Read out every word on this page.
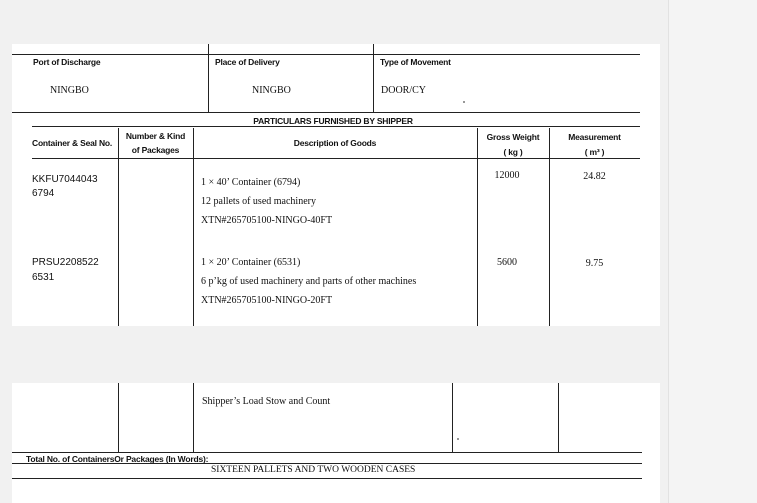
Port of Discharge
NINGBO
Place of Delivery
NINGBO
Type of Movement
DOOR/CY
PARTICULARS FURNISHED BY SHIPPER
Container & Seal No.
Number & Kind
of Packages
Description of Goods
Gross Weight
( kg )
Measurement
( m³ )
KKFU7044043
6794
1 × 40’ Container (6794)
12 pallets of used machinery
XTN#265705100-NINGO-40FT
12000	24.82
PRSU2208522
6531
1 × 20’ Container (6531)
6 p’kg of used machinery and parts of other machines
XTN#265705100-NINGO-20FT
5600	9.75
Shipper’s Load Stow and Count
Total No. of ContainersOr Packages (In Words):
SIXTEEN PALLETS AND TWO WOODEN CASES
